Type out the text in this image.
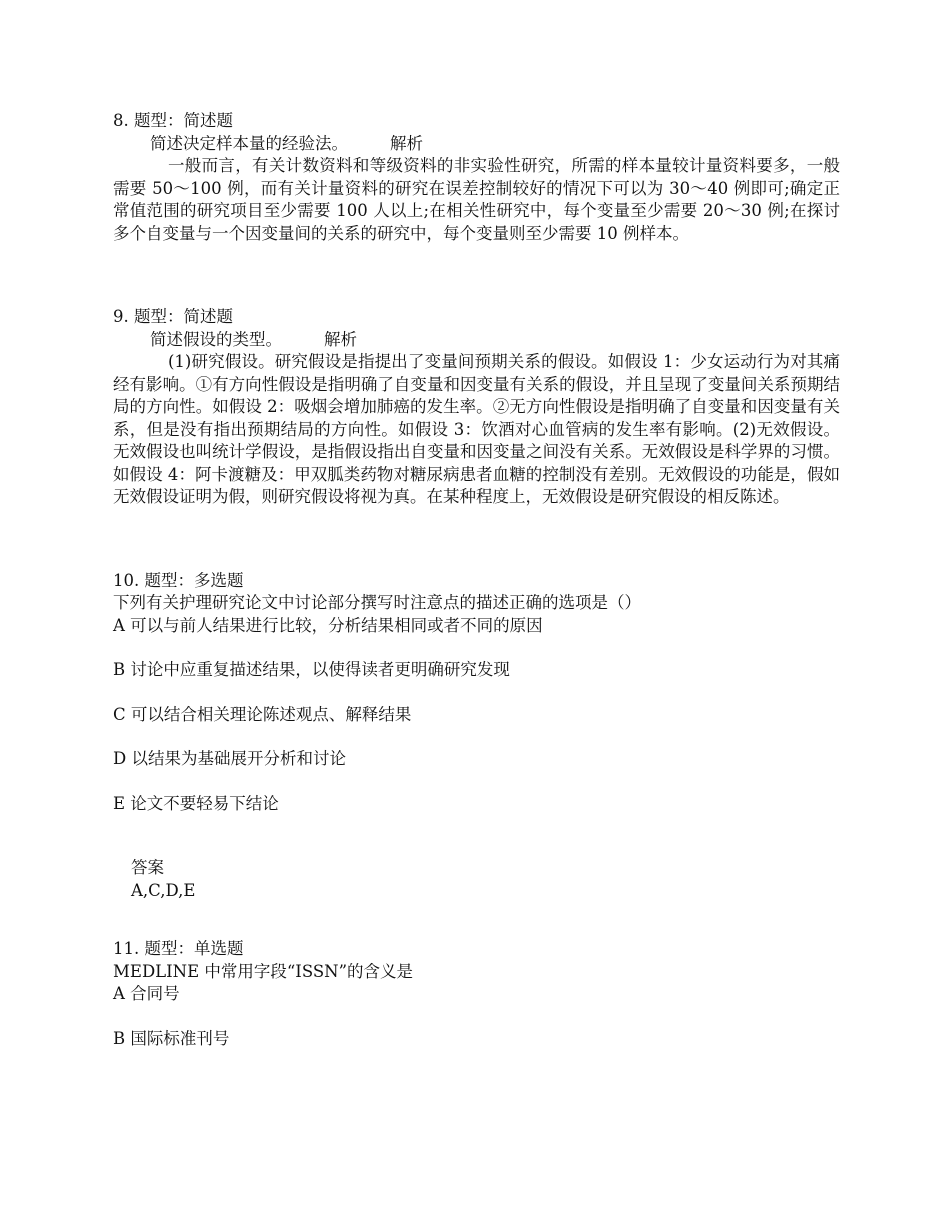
8. 题型：简述题
简述决定样本量的经验法。	解析
一般而言，有关计数资料和等级资料的非实验性研究，所需的样本量较计量资料要多，一般需要 50～100 例，而有关计量资料的研究在误差控制较好的情况下可以为 30～40 例即可;确定正常值范围的研究项目至少需要 100 人以上;在相关性研究中，每个变量至少需要 20～30 例;在探讨多个自变量与一个因变量间的关系的研究中，每个变量则至少需要 10 例样本。
9. 题型：简述题
简述假设的类型。	解析
(1)研究假设。研究假设是指提出了变量间预期关系的假设。如假设 1：少女运动行为对其痛经有影响。①有方向性假设是指明确了自变量和因变量有关系的假设，并且呈现了变量间关系预期结局的方向性。如假设 2：吸烟会增加肺癌的发生率。②无方向性假设是指明确了自变量和因变量有关系，但是没有指出预期结局的方向性。如假设 3：饮酒对心血管病的发生率有影响。(2)无效假设。无效假设也叫统计学假设，是指假设指出自变量和因变量之间没有关系。无效假设是科学界的习惯。如假设 4：阿卡渡糖及：甲双胍类药物对糖尿病患者血糖的控制没有差别。无效假设的功能是，假如无效假设证明为假，则研究假设将视为真。在某种程度上，无效假设是研究假设的相反陈述。
10. 题型：多选题
下列有关护理研究论文中讨论部分撰写时注意点的描述正确的选项是（）
A 可以与前人结果进行比较，分析结果相同或者不同的原因
B 讨论中应重复描述结果，以使得读者更明确研究发现
C 可以结合相关理论陈述观点、解释结果
D 以结果为基础展开分析和讨论
E 论文不要轻易下结论
答案
A,C,D,E
11. 题型：单选题
MEDLINE 中常用字段“ISSN”的含义是
A 合同号
B 国际标准刊号
